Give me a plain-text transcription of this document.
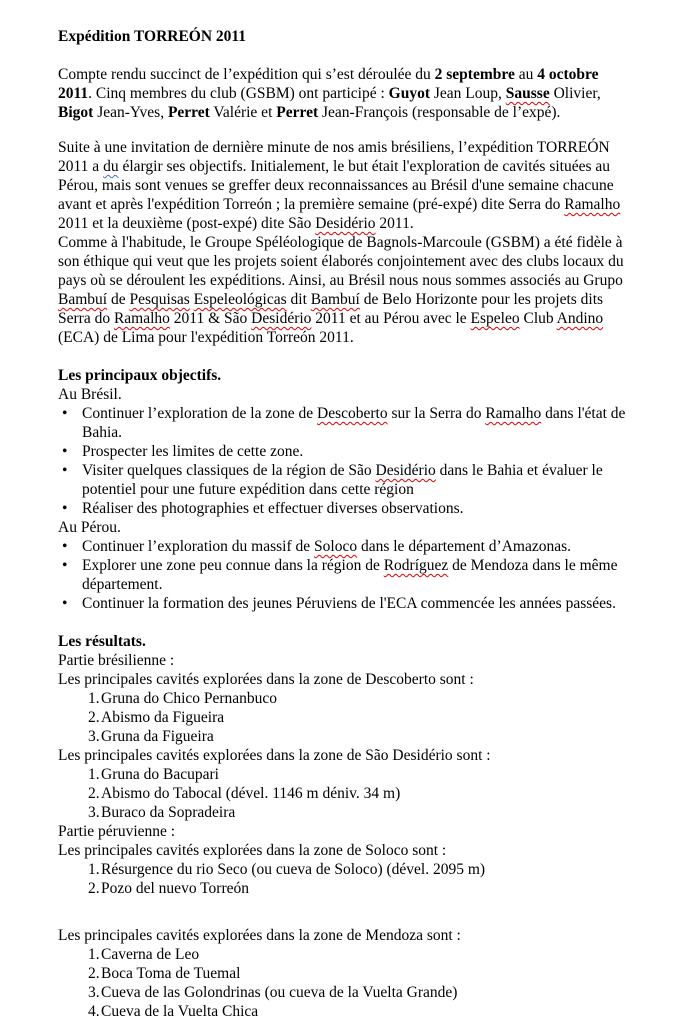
Expédition TORREÓN 2011
Compte rendu succinct de l’expédition qui s’est déroulée du 2 septembre au 4 octobre 2011. Cinq membres du club (GSBM) ont participé : Guyot Jean Loup, Sausse Olivier, Bigot Jean-Yves, Perret Valérie et Perret Jean-François (responsable de l’expé).
Suite à une invitation de dernière minute de nos amis brésiliens, l’expédition TORREÓN 2011 a du élargir ses objectifs. Initialement, le but était l'exploration de cavités situées au Pérou, mais sont venues se greffer deux reconnaissances au Brésil d'une semaine chacune avant et après l'expédition Torreón ; la première semaine (pré-expé) dite Serra do Ramalho 2011 et la deuxième (post-expé) dite São Desidério 2011.
Comme à l'habitude, le Groupe Spéléologique de Bagnols-Marcoule (GSBM) a été fidèle à son éthique qui veut que les projets soient élaborés conjointement avec des clubs locaux du pays où se déroulent les expéditions. Ainsi, au Brésil nous nous sommes associés au Grupo Bambuí de Pesquisas Espeleológicas dit Bambuí de Belo Horizonte pour les projets dits Serra do Ramalho 2011 & São Desidério 2011 et au Pérou avec le Espeleo Club Andino (ECA) de Lima pour l'expédition Torreón 2011.
Les principaux objectifs.
Au Brésil.
• Continuer l’exploration de la zone de Descoberto sur la Serra do Ramalho dans l'état de Bahia.
• Prospecter les limites de cette zone.
• Visiter quelques classiques de la région de São Desidério dans le Bahia et évaluer le potentiel pour une future expédition dans cette région
• Réaliser des photographies et effectuer diverses observations.
Au Pérou.
• Continuer l’exploration du massif de Soloco dans le département d’Amazonas.
• Explorer une zone peu connue dans la région de Rodríguez de Mendoza dans le même département.
• Continuer la formation des jeunes Péruviens de l'ECA commencée les années passées.
Les résultats.
Partie brésilienne :
Les principales cavités explorées dans la zone de Descoberto sont :
1. Gruna do Chico Pernanbuco
2. Abismo da Figueira
3. Gruna da Figueira
Les principales cavités explorées dans la zone de São Desidério sont :
1. Gruna do Bacupari
2. Abismo do Tabocal (dével. 1146 m déniv. 34 m)
3. Buraco da Sopradeira
Partie péruvienne :
Les principales cavités explorées dans la zone de Soloco sont :
1. Résurgence du rio Seco (ou cueva de Soloco) (dével. 2095 m)
2. Pozo del nuevo Torreón
Les principales cavités explorées dans la zone de Mendoza sont :
1. Caverna de Leo
2. Boca Toma de Tuemal
3. Cueva de las Golondrinas (ou cueva de la Vuelta Grande)
4. Cueva de la Vuelta Chica
